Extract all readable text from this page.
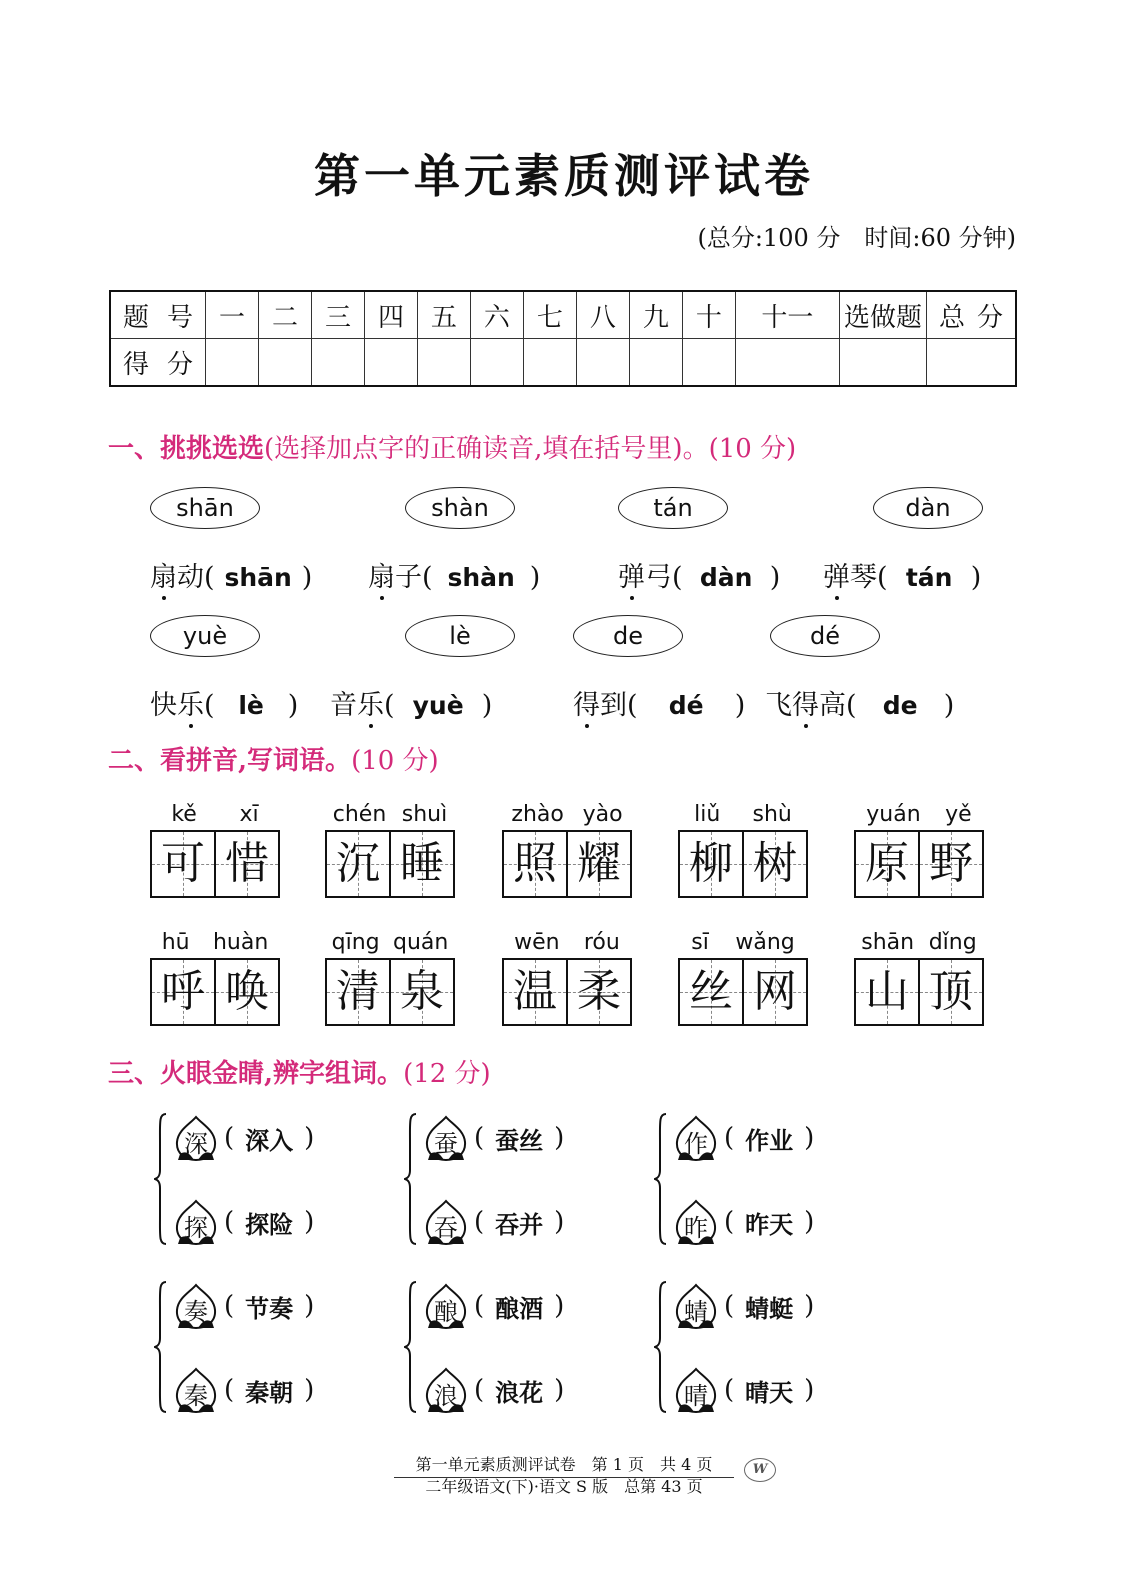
第一单元素质测评试卷
(总分:100 分　时间:60 分钟)
题号	一	二	三	四	五	六	七	八	九	十	十一	选做题	总分
得分													
一、挑挑选选(选择加点字的正确读音,填在括号里)。(10 分)
shān	shàn	tán	dàn
扇动( shān ) 扇子( shàn )	弹弓( dàn ) 弹琴( tán )
yuè	lè	de	dé
快乐( lè ) 音乐( yuè )	得到( dé ) 飞得高( de )
二、看拼音,写词语。(10 分)
kě xī
可 惜
chén shuì
沉 睡
zhào yào
照 耀
liǔ shù
柳 树
yuán yě
原 野
hū huàn
呼 唤
qīng quán
清 泉
wēn róu
温 柔
sī wǎng
丝 网
shān dǐng
山 顶
三、火眼金睛,辨字组词。(12 分)
深 ( 深入 )
探 ( 探险 )
蚕 ( 蚕丝 )
吞 ( 吞并 )
作 ( 作业 )
昨 ( 昨天 )
奏 ( 节奏 )
秦 ( 秦朝 )
酿 ( 酿酒 )
浪 ( 浪花 )
蜻 ( 蜻蜓 )
晴 ( 晴天 )
第一单元素质测评试卷　第 1 页　共 4 页
二年级语文(下)·语文 S 版　总第 43 页
W
